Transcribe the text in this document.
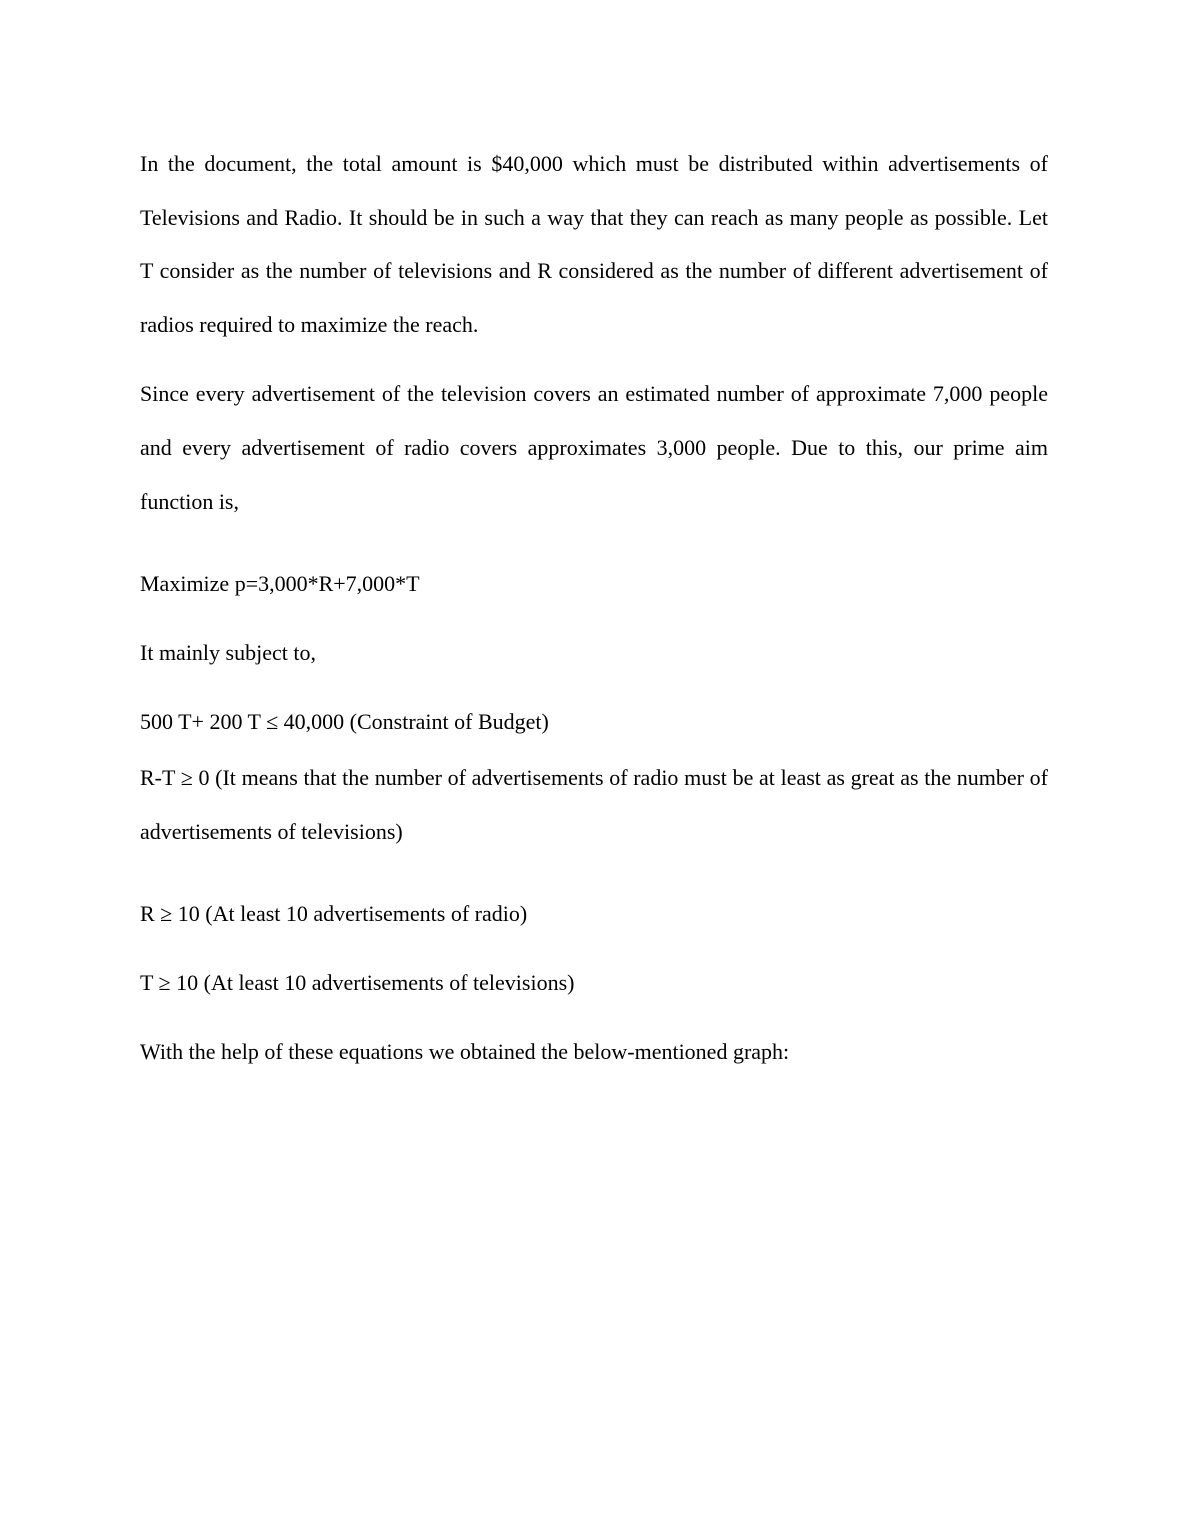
In the document, the total amount is $40,000 which must be distributed within advertisements of Televisions and Radio. It should be in such a way that they can reach as many people as possible. Let T consider as the number of televisions and R considered as the number of different advertisement of radios required to maximize the reach.

Since every advertisement of the television covers an estimated number of approximate 7,000 people and every advertisement of radio covers approximates 3,000 people. Due to this, our prime aim function is,

Maximize p=3,000*R+7,000*T

It mainly subject to,

500 T+ 200 T ≤ 40,000 (Constraint of Budget)

R-T ≥ 0 (It means that the number of advertisements of radio must be at least as great as the number of advertisements of televisions)

R ≥ 10 (At least 10 advertisements of radio)

T ≥ 10 (At least 10 advertisements of televisions)

With the help of these equations we obtained the below-mentioned graph:
